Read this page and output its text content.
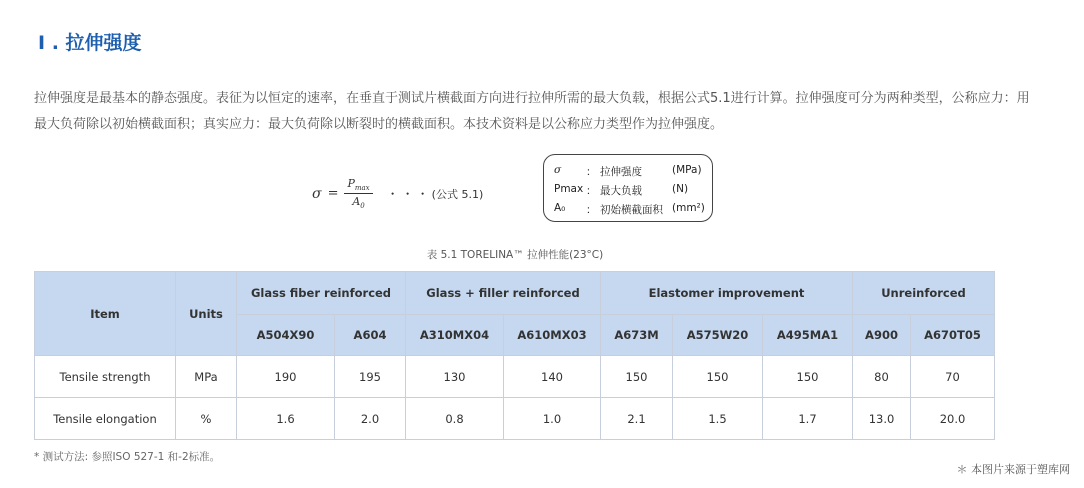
I . 拉伸强度
拉伸强度是最基本的静态强度。表征为以恒定的速率，在垂直于测试片横截面方向进行拉伸所需的最大负载，根据公式5.1进行计算。拉伸强度可分为两种类型，公称应力：用最大负荷除以初始横截面积；真实应力：最大负荷除以断裂时的横截面积。本技术资料是以公称应力类型作为拉伸强度。
$\sigma = \frac{P_{max}}{A_0}$ ・・・ (公式 5.1)
σ	： 拉伸强度	(MPa)
Pmax ： 最大负载	(N)
A₀	： 初始横截面积 (mm²)
表 5.1 TORELINA™ 拉伸性能(23°C)
Item	Units	Glass fiber reinforced		Glass + filler reinforced		Elastomer improvement			Unreinforced	
		A504X90	A604	A310MX04	A610MX03	A673M	A575W20	A495MA1	A900	A670T05
Tensile strength	MPa	190	195	130	140	150	150	150	80	70
Tensile elongation	%	1.6	2.0	0.8	1.0	2.1	1.5	1.7	13.0	20.0
* 测试方法: 参照ISO 527-1 和-2标准。
＊ 本图片来源于塑库网
